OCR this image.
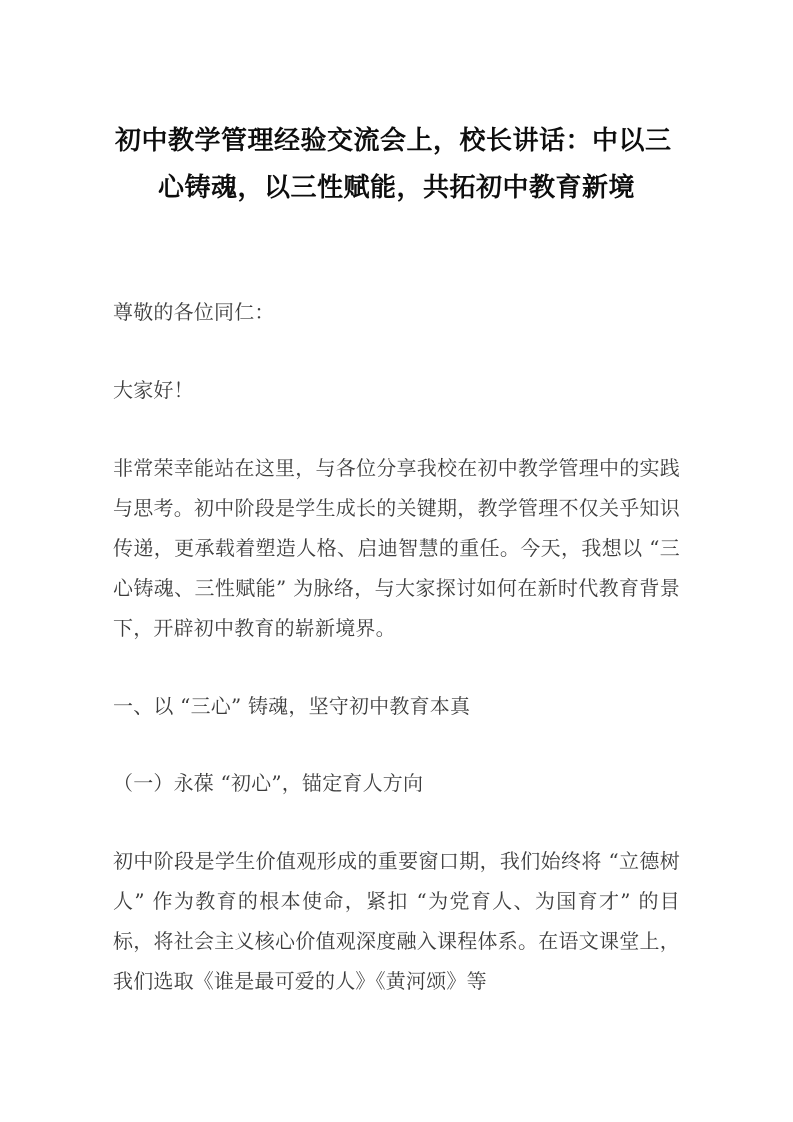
初中教学管理经验交流会上，校长讲话：中以三
心铸魂，以三性赋能，共拓初中教育新境

尊敬的各位同仁：

大家好！

非常荣幸能站在这里，与各位分享我校在初中教学管理中的实践与思考。初中阶段是学生成长的关键期，教学管理不仅关乎知识传递，更承载着塑造人格、启迪智慧的重任。今天，我想以 “三心铸魂、三性赋能” 为脉络，与大家探讨如何在新时代教育背景下，开辟初中教育的崭新境界。

一、以 “三心” 铸魂，坚守初中教育本真

（一）永葆 “初心”，锚定育人方向

初中阶段是学生价值观形成的重要窗口期，我们始终将 “立德树人” 作为教育的根本使命，紧扣 “为党育人、为国育才” 的目标，将社会主义核心价值观深度融入课程体系。在语文课堂上，我们选取《谁是最可爱的人》《黄河颂》等
